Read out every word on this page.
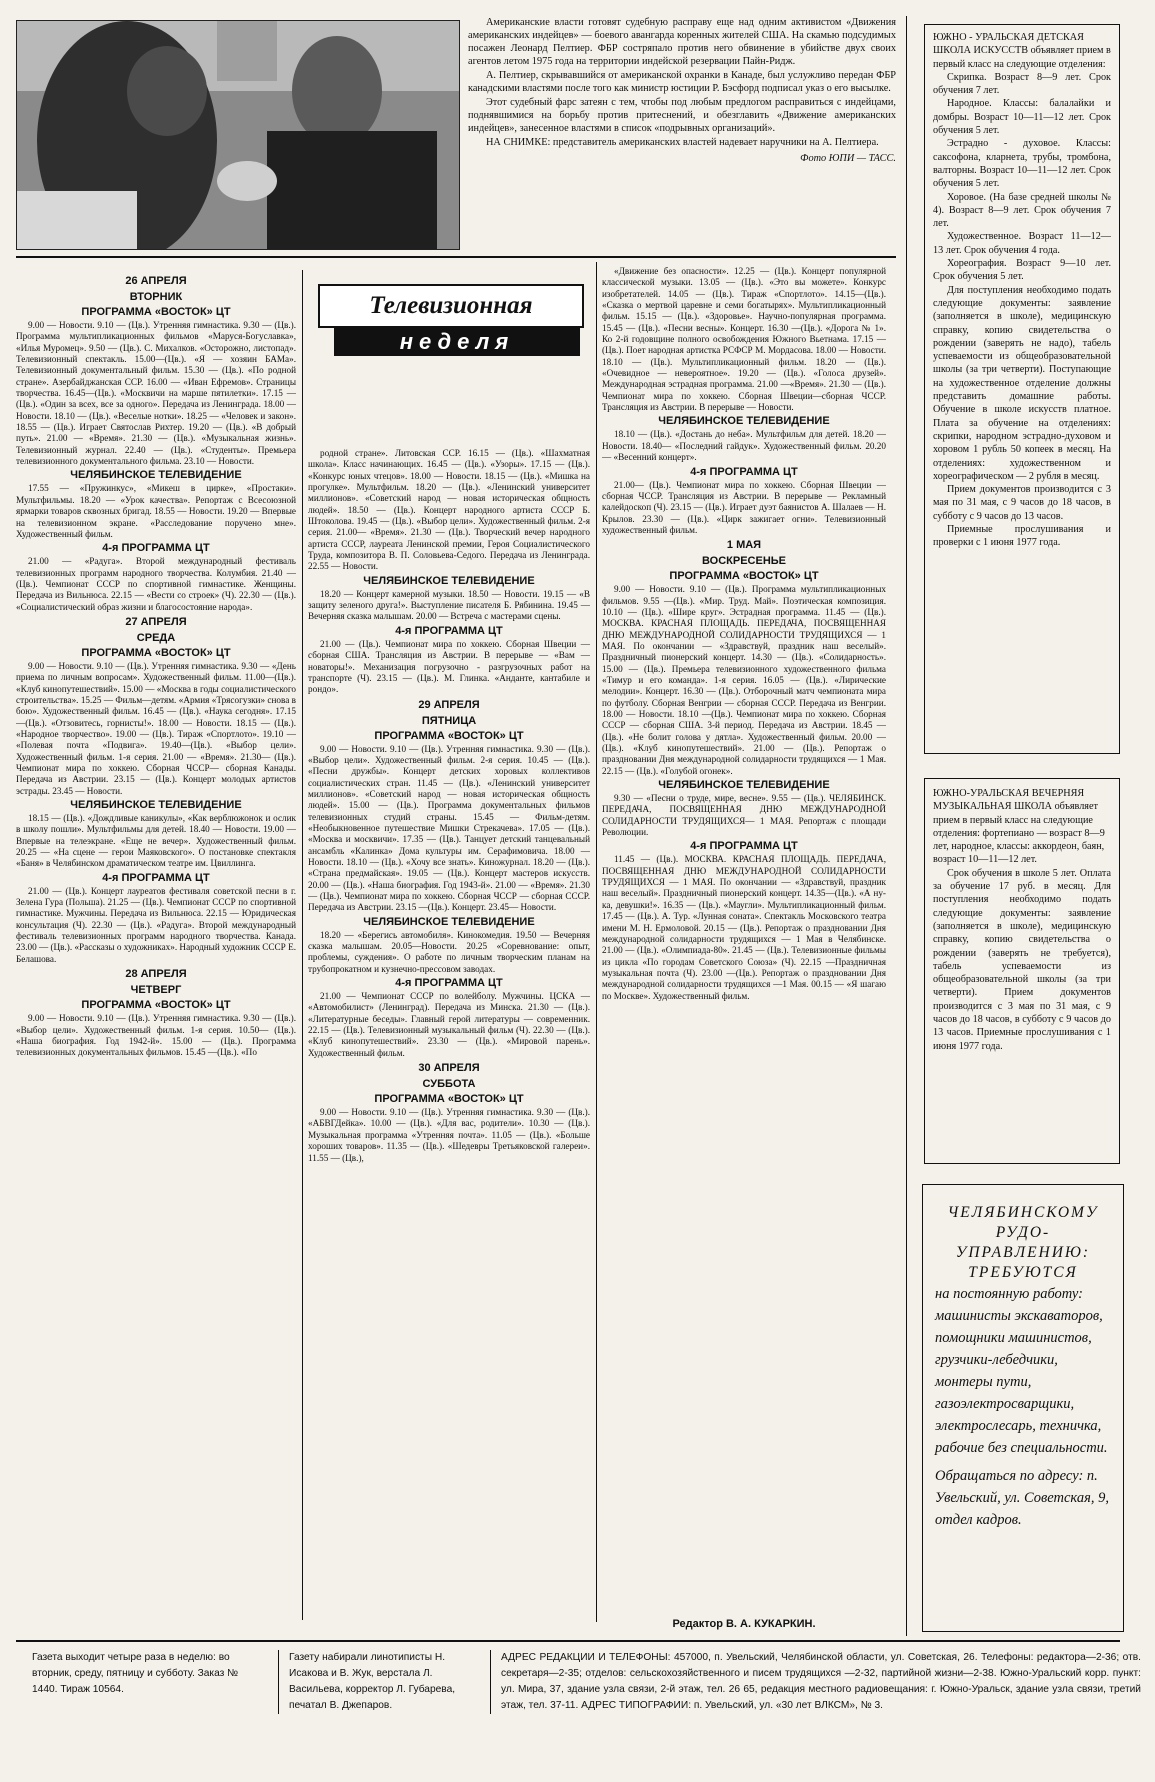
Американские власти готовят судебную расправу еще над одним активистом «Движения американских индейцев» — боевого авангарда коренных жителей США. На скамью подсудимых посажен Леонард Пелтиер. ФБР состряпало против него обвинение в убийстве двух своих агентов летом 1975 года на территории индейской резервации Пайн-Ридж.

А. Пелтиер, скрывавшийся от американской охранки в Канаде, был услужливо передан ФБР канадскими властями после того как министр юстиции Р. Бэсфорд подписал указ о его высылке.

Этот судебный фарс затеян с тем, чтобы под любым предлогом расправиться с индейцами, поднявшимися на борьбу против притеснений, и обезглавить «Движение американских индейцев», занесенное властями в список «подрывных организаций».

НА СНИМКЕ: представитель американских властей надевает наручники на А. Пелтиера.

Фото ЮПИ — ТАСС.
Телевизионная
неделя
26 АПРЕЛЯ
ВТОРНИК
ПРОГРАММА «ВОСТОК» ЦТ

9.00 — Новости. 9.10 — (Цв.). Утренняя гимнастика. 9.30 — (Цв.). Программа мультипликационных фильмов «Маруся-Богуславка», «Илья Муромец». 9.50 — (Цв.). С. Михалков. «Осторожно, листопад». Телевизионный спектакль. 15.00—(Цв.). «Я — хозяин БАМа». Телевизионный документальный фильм. 15.30 — (Цв.). «По родной стране». Азербайджанская ССР. 16.00 — «Иван Ефремов». Страницы творчества. 16.45—(Цв.). «Москвичи на марше пятилетки». 17.15 — (Цв.). «Один за всех, все за одного». Передача из Ленинграда. 18.00 — Новости. 18.10 — (Цв.). «Веселые нотки». 18.25 — «Человек и закон». 18.55 — (Цв.). Играет Святослав Рихтер. 19.20 — (Цв.). «В добрый путь». 21.00 — «Время». 21.30 — (Цв.). «Музыкальная жизнь». Телевизионный журнал. 22.40 — (Цв.). «Студенты». Премьера телевизионного документального фильма. 23.10 — Новости.

ЧЕЛЯБИНСКОЕ ТЕЛЕВИДЕНИЕ

17.55 — «Пружинкус», «Микеш в цирке», «Простаки». Мультфильмы. 18.20 — «Урок качества». Репортаж с Всесоюзной ярмарки товаров сквозных бригад. 18.55 — Новости. 19.20 — Впервые на телевизионном экране. «Расследование поручено мне». Художественный фильм.

4-я ПРОГРАММА ЦТ

21.00 — «Радуга». Второй международный фестиваль телевизионных программ народного творчества. Колумбия. 21.40 — (Цв.). Чемпионат СССР по спортивной гимнастике. Женщины. Передача из Вильнюса. 22.15 — «Вести со строек» (Ч). 22.30 — (Цв.). «Социалистический образ жизни и благосостояние народа».

27 АПРЕЛЯ
СРЕДА
ПРОГРАММА «ВОСТОК» ЦТ

9.00 — Новости. 9.10 — (Цв.). Утренняя гимнастика. 9.30 — «День приема по личным вопросам». Художественный фильм. 11.00—(Цв.). «Клуб кинопутешествий». 15.00 — «Москва в годы социалистического строительства». 15.25 — Фильм—детям. «Армия «Трясогузки» снова в бою». Художественный фильм. 16.45 — (Цв.). «Наука сегодня». 17.15—(Цв.). «Отзовитесь, горнисты!». 18.00 — Новости. 18.15 — (Цв.). «Народное творчество». 19.00 — (Цв.). Тираж «Спортлото». 19.10 — «Полевая почта «Подвига». 19.40—(Цв.). «Выбор цели». Художественный фильм. 1-я серия. 21.00 — «Время». 21.30— (Цв.). Чемпионат мира по хоккею. Сборная ЧССР— сборная Канады. Передача из Австрии. 23.15 — (Цв.). Концерт молодых артистов эстрады. 23.45 — Новости.

ЧЕЛЯБИНСКОЕ ТЕЛЕВИДЕНИЕ

18.15 — (Цв.). «Дождливые каникулы», «Как верблюжонок и ослик в школу пошли». Мультфильмы для детей. 18.40 — Новости. 19.00 — Впервые на телеэкране. «Еще не вечер». Художественный фильм. 20.25 — «На сцене — герои Маяковского». О постановке спектакля «Баня» в Челябинском драматическом театре им. Цвиллинга.

4-я ПРОГРАММА ЦТ

21.00 — (Цв.). Концерт лауреатов фестиваля советской песни в г. Зелена Гура (Польша). 21.25 — (Цв.). Чемпионат СССР по спортивной гимнастике. Мужчины. Передача из Вильнюса. 22.15 — Юридическая консультация (Ч). 22.30 — (Цв.). «Радуга». Второй международный фестиваль телевизионных программ народного творчества. Канада. 23.00 — (Цв.). «Рассказы о художниках». Народный художник СССР Е. Белашова.

28 АПРЕЛЯ
ЧЕТВЕРГ
ПРОГРАММА «ВОСТОК» ЦТ

9.00 — Новости. 9.10 — (Цв.). Утренняя гимнастика. 9.30 — (Цв.). «Выбор цели». Художественный фильм. 1-я серия. 10.50— (Цв.). «Наша биография. Год 1942-й». 15.00 — (Цв.). Программа телевизионных документальных фильмов. 15.45 —(Цв.). «По

родной стране». Литовская ССР. 16.15 — (Цв.). «Шахматная школа». Класс начинающих. 16.45 — (Цв.). «Узоры». 17.15 — (Цв.). «Конкурс юных чтецов». 18.00 — Новости. 18.15 — (Цв.). «Мишка на прогулке». Мультфильм. 18.20 — (Цв.). «Ленинский университет миллионов». «Советский народ — новая историческая общность людей». 18.50 — (Цв.). Концерт народного артиста СССР Б. Штоколова. 19.45 — (Цв.). «Выбор цели». Художественный фильм. 2-я серия. 21.00— «Время». 21.30 — (Цв.). Творческий вечер народного артиста СССР, лауреата Ленинской премии, Героя Социалистического Труда, композитора В. П. Соловьева-Седого. Передача из Ленинграда. 22.55 — Новости.

ЧЕЛЯБИНСКОЕ ТЕЛЕВИДЕНИЕ

18.20 — Концерт камерной музыки. 18.50 — Новости. 19.15 — «В защиту зеленого друга!». Выступление писателя Б. Рябинина. 19.45 — Вечерняя сказка малышам. 20.00 — Встреча с мастерами сцены.

4-я ПРОГРАММА ЦТ

21.00 — (Цв.). Чемпионат мира по хоккею. Сборная Швеции — сборная США. Трансляция из Австрии. В перерыве — «Вам — новаторы!». Механизация погрузочно - разгрузочных работ на транспорте (Ч). 23.15 — (Цв.). М. Глинка. «Андантe, кантабиле и рондо».

29 АПРЕЛЯ
ПЯТНИЦА
ПРОГРАММА «ВОСТОК» ЦТ

9.00 — Новости. 9.10 — (Цв.). Утренняя гимнастика. 9.30 — (Цв.). «Выбор цели». Художественный фильм. 2-я серия. 10.45 — (Цв.). «Песни дружбы». Концерт детских хоровых коллективов социалистических стран. 11.45 — (Цв.). «Ленинский университет миллионов». «Советский народ — новая историческая общность людей». 15.00 — (Цв.). Программа документальных фильмов телевизионных студий страны. 15.45 — Фильм-детям. «Необыкновенное путешествие Мишки Стрекачева». 17.05 — (Цв.). «Москва и москвичи». 17.35 — (Цв.). Танцует детский танцевальный ансамбль «Калинка» Дома культуры им. Серафимовича. 18.00 — Новости. 18.10 — (Цв.). «Хочу все знать». Киножурнал. 18.20 — (Цв.). «Страна предмайская». 19.05 — (Цв.). Концерт мастеров искусств. 20.00 — (Цв.). «Наша биография. Год 1943-й». 21.00 — «Время». 21.30 — (Цв.). Чемпионат мира по хоккею. Сборная ЧССР — сборная СССР. Передача из Австрии. 23.15 —(Цв.). Концерт. 23.45— Новости.

ЧЕЛЯБИНСКОЕ ТЕЛЕВИДЕНИЕ

18.20 — «Берегись автомобиля». Кинокомедия. 19.50 — Вечерняя сказка малышам. 20.05—Новости. 20.25 «Соревнование: опыт, проблемы, суждения». О работе по личным творческим планам на трубопрокатном и кузнечно-прессовом заводах.

4-я ПРОГРАММА ЦТ

21.00 — Чемпионат СССР по волейболу. Мужчины. ЦСКА — «Автомобилист» (Ленинград). Передача из Минска. 21.30 — (Цв.). «Литературные беседы». Главный герой литературы — современник. 22.15 — (Цв.). Телевизионный музыкальный фильм (Ч). 22.30 — (Цв.). «Клуб кинопутешествий». 23.30 — (Цв.). «Мировой парень». Художественный фильм.

30 АПРЕЛЯ
СУББОТА
ПРОГРАММА «ВОСТОК» ЦТ

9.00 — Новости. 9.10 — (Цв.). Утренняя гимнастика. 9.30 — (Цв.). «АБВГДейка». 10.00 — (Цв.). «Для вас, родители». 10.30 — (Цв.). Музыкальная программа «Утренняя почта». 11.05 — (Цв.). «Больше хороших товаров». 11.35 — (Цв.). «Шедевры Третьяковской галереи». 11.55 — (Цв.),

«Движение без опасности». 12.25 — (Цв.). Концерт популярной классической музыки. 13.05 — (Цв.). «Это вы можете». Конкурс изобретателей. 14.05 — (Цв.). Тираж «Спортлото». 14.15—(Цв.). «Сказка о мертвой царевне и семи богатырях». Мультипликационный фильм. 15.15 — (Цв.). «Здоровье». Научно-популярная программа. 15.45 — (Цв.). «Песни весны». Концерт. 16.30 —(Цв.). «Дорога № 1». Ко 2-й годовщине полного освобождения Южного Вьетнама. 17.15 — (Цв.). Поет народная артистка РСФСР М. Мордасова. 18.00 — Новости. 18.10 — (Цв.). Мультипликационный фильм. 18.20 — (Цв.). «Очевидное — невероятное». 19.20 — (Цв.). «Голоса друзей». Международная эстрадная программа. 21.00 —«Время». 21.30 — (Цв.). Чемпионат мира по хоккею. Сборная Швеции—сборная ЧССР. Трансляция из Австрии. В перерыве — Новости.

ЧЕЛЯБИНСКОЕ ТЕЛЕВИДЕНИЕ

18.10 — (Цв.). «Достань до неба». Мультфильм для детей. 18.20 — Новости. 18.40— «Последний гайдук». Художественный фильм. 20.20 — «Весенний концерт».

4-я ПРОГРАММА ЦТ

21.00— (Цв.). Чемпионат мира по хоккею. Сборная Швеции — сборная ЧССР. Трансляция из Австрии. В перерыве — Рекламный калейдоскоп (Ч). 23.15 — (Цв.). Играет дуэт баянистов А. Шалаев — Н. Крылов. 23.30 — (Цв.). «Цирк зажигает огни». Телевизионный художественный фильм.

1 МАЯ
ВОСКРЕСЕНЬЕ
ПРОГРАММА «ВОСТОК» ЦТ

9.00 — Новости. 9.10 — (Цв.). Программа мультипликационных фильмов. 9.55 —(Цв.). «Мир. Труд. Май». Поэтическая композиция. 10.10 — (Цв.). «Шире круг». Эстрадная программа. 11.45 — (Цв.). МОСКВА. КРАСНАЯ ПЛОЩАДЬ. ПЕРЕДАЧА, ПОСВЯЩЕННАЯ ДНЮ МЕЖДУНАРОДНОЙ СОЛИДАРНОСТИ ТРУДЯЩИХСЯ — 1 МАЯ. По окончании — «Здравствуй, праздник наш веселый». Праздничный пионерский концерт. 14.30 — (Цв.). «Солидарность». 15.00 — (Цв.). Премьера телевизионного художественного фильма «Тимур и его команда». 1-я серия. 16.05 — (Цв.). «Лирические мелодии». Концерт. 16.30 — (Цв.). Отборочный матч чемпионата мира по футболу. Сборная Венгрии — сборная СССР. Передача из Венгрии. 18.00 — Новости. 18.10 —(Цв.). Чемпионат мира по хоккею. Сборная СССР — сборная США. 3-й период. Передача из Австрии. 18.45 — (Цв.). «Не болит голова у дятла». Художественный фильм. 20.00 — (Цв.). «Клуб кинопутешествий». 21.00 — (Цв.). Репортаж о праздновании Дня международной солидарности трудящихся — 1 Мая. 22.15 — (Цв.). «Голубой огонек».

ЧЕЛЯБИНСКОЕ ТЕЛЕВИДЕНИЕ

9.30 — «Песни о труде, мире, весне». 9.55 — (Цв.). ЧЕЛЯБИНСК. ПЕРЕДАЧА, ПОСВЯЩЕННАЯ ДНЮ МЕЖДУНАРОДНОЙ СОЛИДАРНОСТИ ТРУДЯЩИХСЯ— 1 МАЯ. Репортаж с площади Революции.

4-я ПРОГРАММА ЦТ

11.45 — (Цв.). МОСКВА. КРАСНАЯ ПЛОЩАДЬ. ПЕРЕДАЧА, ПОСВЯЩЕННАЯ ДНЮ МЕЖДУНАРОДНОЙ СОЛИДАРНОСТИ ТРУДЯЩИХСЯ — 1 МАЯ. По окончании — «Здравствуй, праздник наш веселый». Праздничный пионерский концерт. 14.35—(Цв.). «А ну-ка, девушки!». 16.35 — (Цв.). «Маугли». Мультипликационный фильм. 17.45 — (Цв.). А. Тур. «Лунная соната». Спектакль Московского театра имени М. Н. Ермоловой. 20.15 — (Цв.). Репортаж о праздновании Дня международной солидарности трудящихся — 1 Мая в Челябинске. 21.00 — (Цв.). «Олимпиада-80». 21.45 — (Цв.). Телевизионные фильмы из цикла «По городам Советского Союза» (Ч). 22.15 —Праздничная музыкальная почта (Ч). 23.00 —(Цв.). Репортаж о праздновании Дня международной солидарности трудящихся —1 Мая. 00.15 — «Я шагаю по Москве». Художественный фильм.

Редактор В. А. КУКАРКИН.

ЮЖНО - УРАЛЬСКАЯ ДЕТСКАЯ ШКОЛА ИСКУССТВ объявляет прием в первый класс на следующие отделения:

Скрипка. Возраст 8—9 лет. Срок обучения 7 лет.

Народное. Классы: балалайки и домбры. Возраст 10—11—12 лет. Срок обучения 5 лет.

Эстрадно - духовое. Классы: саксофона, кларнета, трубы, тромбона, валторны. Возраст 10—11—12 лет. Срок обучения 5 лет.

Хоровое. (На базе средней школы № 4). Возраст 8—9 лет. Срок обучения 7 лет.

Художественное. Возраст 11—12—13 лет. Срок обучения 4 года.

Хореография. Возраст 9—10 лет. Срок обучения 5 лет.

Для поступления необходимо подать следующие документы: заявление (заполняется в школе), медицинскую справку, копию свидетельства о рождении (заверять не надо), табель успеваемости из общеобразовательной школы (за три четверти). Поступающие на художественное отделение должны представить домашние работы. Обучение в школе искусств платное. Плата за обучение на отделениях: скрипки, народном эстрадно-духовом и хоровом 1 рубль 50 копеек в месяц. На отделениях: художественном и хореографическом — 2 рубля в месяц.

Прием документов производится с 3 мая по 31 мая, с 9 часов до 18 часов, в субботу с 9 часов до 13 часов.

Приемные прослушивания и проверки с 1 июня 1977 года.

ЮЖНО-УРАЛЬСКАЯ ВЕЧЕРНЯЯ МУЗЫКАЛЬНАЯ ШКОЛА объявляет прием в первый класс на следующие отделения: фортепиано — возраст 8—9 лет, народное, классы: аккордеон, баян, возраст 10—11—12 лет.

Срок обучения в школе 5 лет. Оплата за обучение 17 руб. в месяц. Для поступления необходимо подать следующие документы: заявление (заполняется в школе), медицинскую справку, копию свидетельства о рождении (заверять не требуется), табель успеваемости из общеобразовательной школы (за три четверти). Прием документов производится с 3 мая по 31 мая, с 9 часов до 18 часов, в субботу с 9 часов до 13 часов. Приемные прослушивания с 1 июня 1977 года.

ЧЕЛЯБИНСКОМУ
РУДО-
УПРАВЛЕНИЮ:
ТРЕБУЮТСЯ
на постоянную работу: машинисты экскаваторов, помощники машинистов, грузчики-лебедчики, монтеры пути, газоэлектросварщики, электрослесарь, техничка, рабочие без специальности.
Обращаться по адресу: п. Увельский, ул. Советская, 9, отдел кадров.
Газета выходит четыре раза в неделю: во вторник, среду, пятницу и субботу. Заказ № 1440. Тираж 10564.
Газету набирали линотиписты Н. Исакова и В. Жук, верстала Л. Васильева, корректор Л. Губарева, печатал В. Джепаров.
АДРЕС РЕДАКЦИИ И ТЕЛЕФОНЫ: 457000, п. Увельский, Челябинской области, ул. Советская, 26. Телефоны: редактора—2-36; отв. секретаря—2-35; отделов: сельскохозяйственного и писем трудящихся —2-32, партийной жизни—2-38. Южно-Уральский корр. пункт: ул. Мира, 37, здание узла связи, 2-й этаж, тел. 26 65, редакция местного радиовещания: г. Южно-Уральск, здание узла связи, третий этаж, тел. 37-11. АДРЕС ТИПОГРАФИИ: п. Увельский, ул. «30 лет ВЛКСМ», № 3.
